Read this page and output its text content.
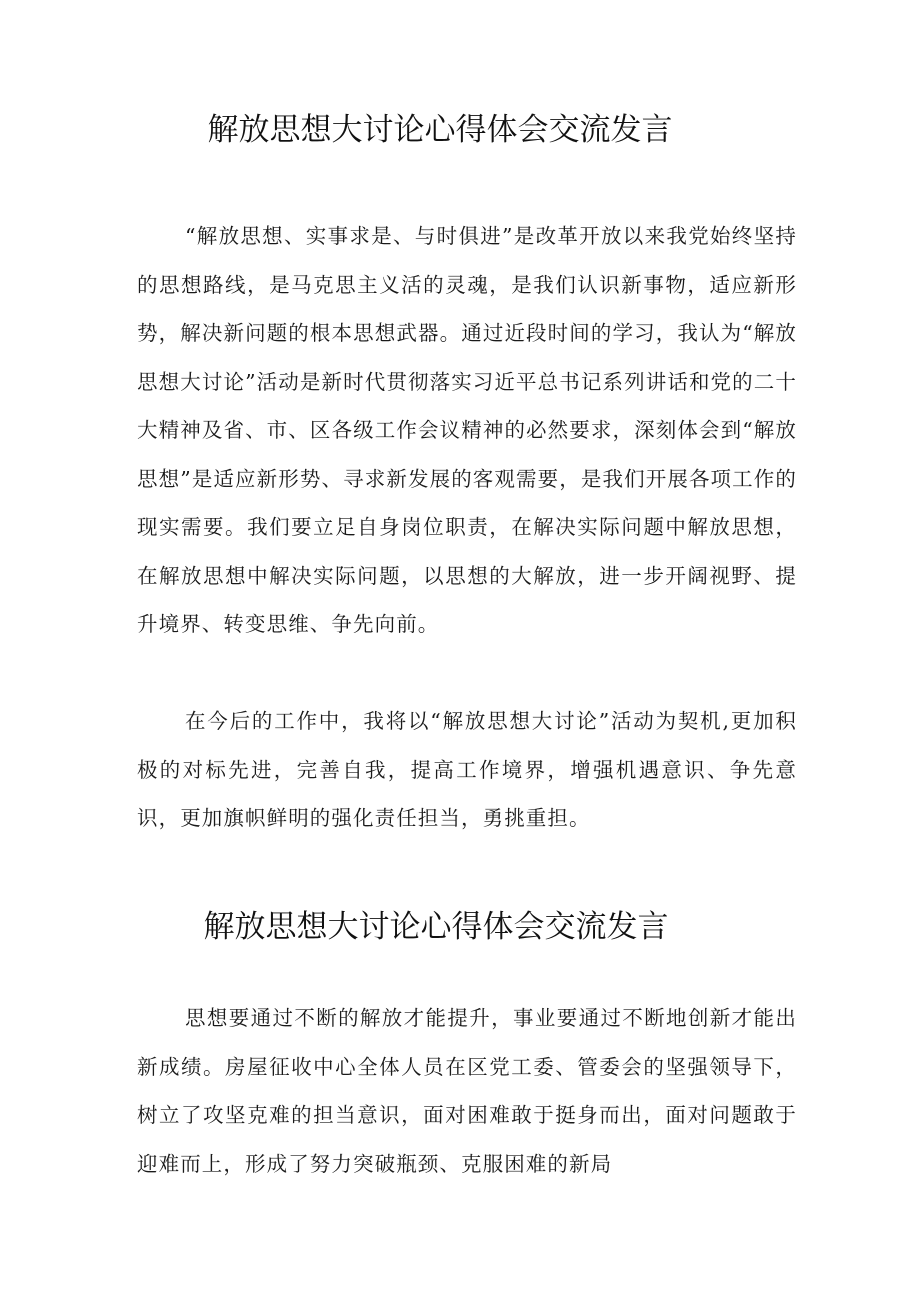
解放思想大讨论心得体会交流发言

“解放思想、实事求是、与时俱进”是改革开放以来我党始终坚持的思想路线，是马克思主义活的灵魂，是我们认识新事物，适应新形势，解决新问题的根本思想武器。通过近段时间的学习，我认为“解放思想大讨论”活动是新时代贯彻落实习近平总书记系列讲话和党的二十大精神及省、市、区各级工作会议精神的必然要求，深刻体会到“解放思想”是适应新形势、寻求新发展的客观需要，是我们开展各项工作的现实需要。我们要立足自身岗位职责，在解决实际问题中解放思想，在解放思想中解决实际问题，以思想的大解放，进一步开阔视野、提升境界、转变思维、争先向前。

在今后的工作中，我将以“解放思想大讨论”活动为契机,更加积极的对标先进，完善自我，提高工作境界，增强机遇意识、争先意识，更加旗帜鲜明的强化责任担当，勇挑重担。

解放思想大讨论心得体会交流发言

思想要通过不断的解放才能提升，事业要通过不断地创新才能出新成绩。房屋征收中心全体人员在区党工委、管委会的坚强领导下，树立了攻坚克难的担当意识，面对困难敢于挺身而出，面对问题敢于迎难而上，形成了努力突破瓶颈、克服困难的新局
